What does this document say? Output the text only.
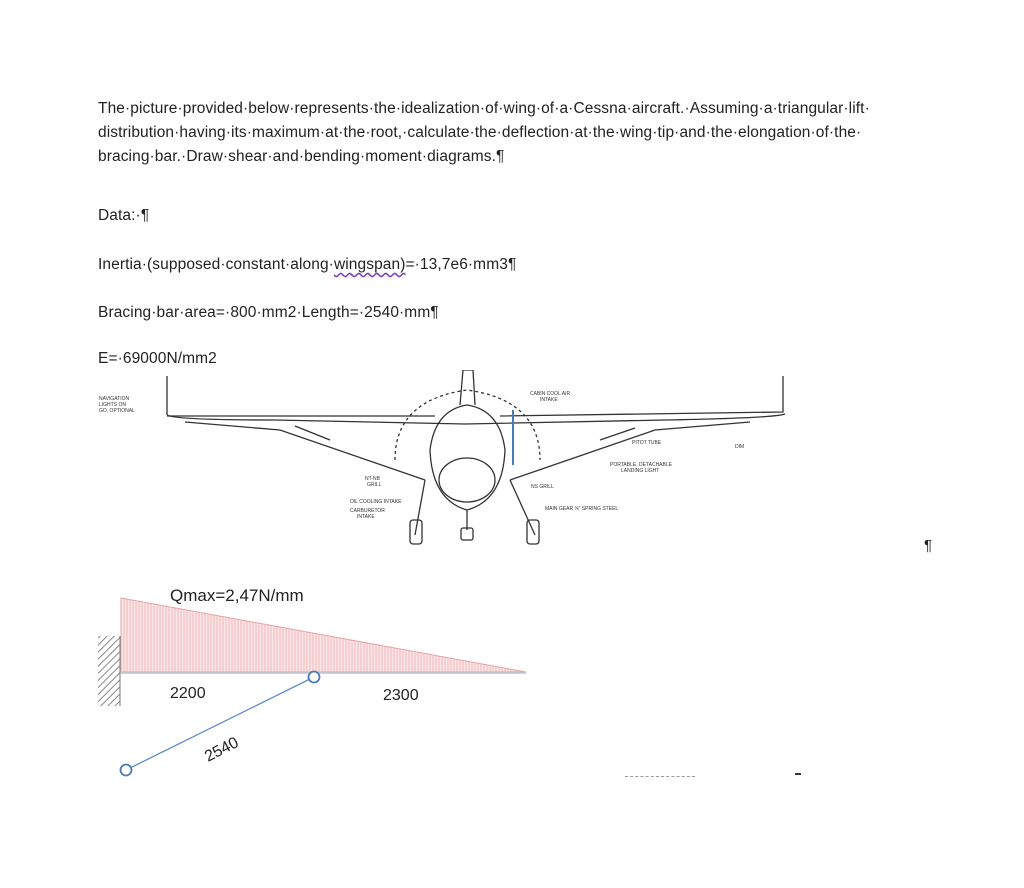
The·picture·provided·below·represents·the·idealization·of·wing·of·a·Cessna·aircraft.·Assuming·a·triangular·lift·
distribution·having·its·maximum·at·the·root,·calculate·the·deflection·at·the·wing·tip·and·the·elongation·of·the·
bracing·bar.·Draw·shear·and·bending·moment·diagrams.¶
Data:·¶
Inertia·(supposed·constant·along·wingspan)=·13,7e6·mm3¶
Bracing·bar·area=·800·mm2·Length=·2540·mm¶
E=·69000N/mm2
NAVIGATION
LIGHTS ON
GO, OPTIONAL
CABIN COOL AIR
INTAKE
PITOT TUBE
PORTABLE, DETACHABLE
LANDING LIGHT
NS GRILL
MAIN GEAR ⅝" SPRING STEEL
OIL COOLING INTAKE
CARBURETOR
INTAKE
NT-NB
GRILL
DIM
¶
Qmax=2,47N/mm
2200	2300
2540
